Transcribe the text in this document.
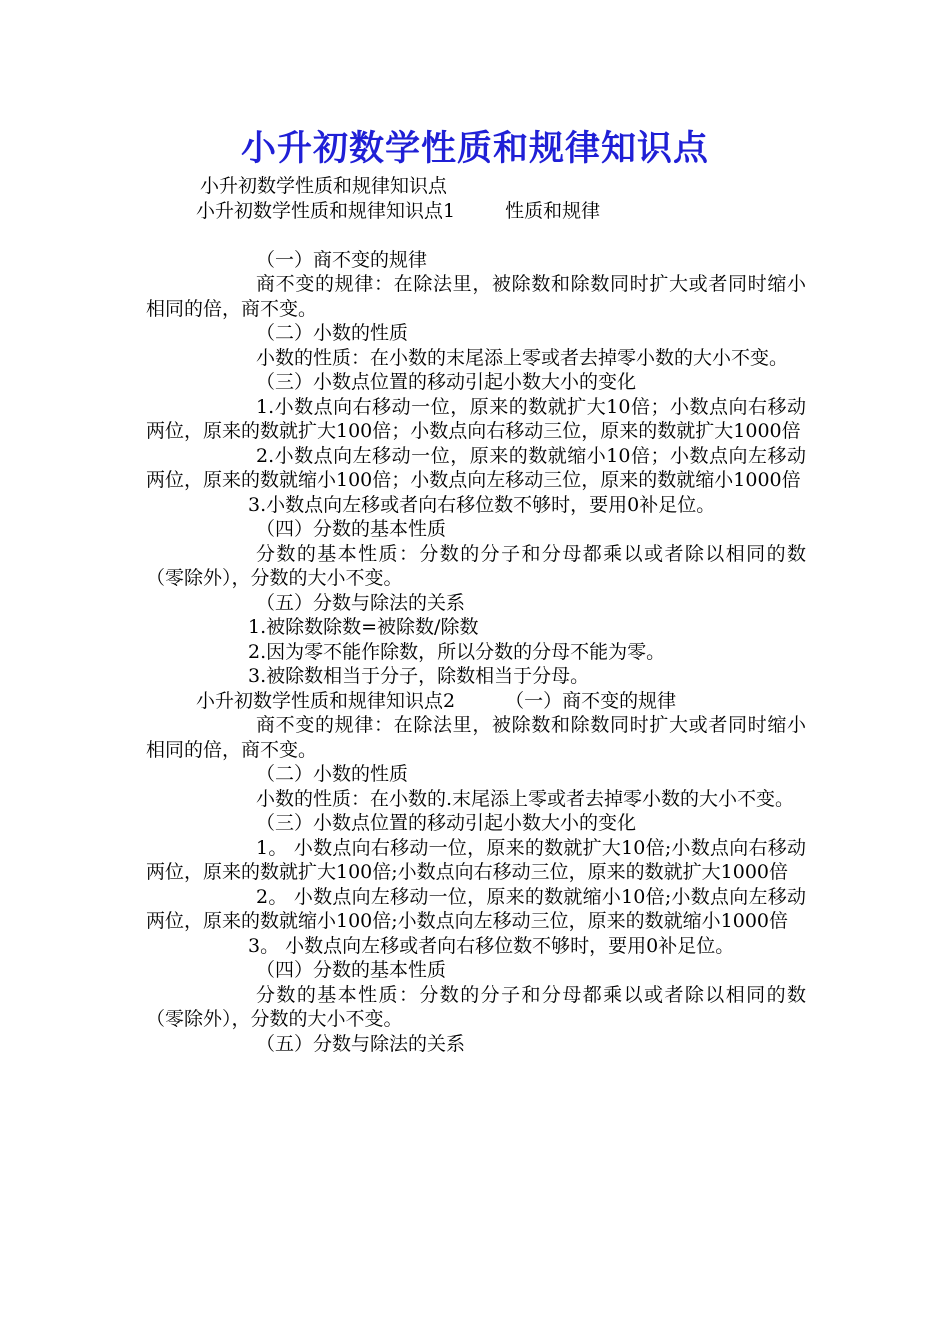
小升初数学性质和规律知识点

小升初数学性质和规律知识点

小升初数学性质和规律知识点1	性质和规律

（一）商不变的规律

商不变的规律：在除法里，被除数和除数同时扩大或者同时缩小相同的倍，商不变。

（二）小数的性质

小数的性质：在小数的末尾添上零或者去掉零小数的大小不变。

（三）小数点位置的移动引起小数大小的变化

1.小数点向右移动一位，原来的数就扩大10倍；小数点向右移动两位，原来的数就扩大100倍；小数点向右移动三位，原来的数就扩大1000倍

2.小数点向左移动一位，原来的数就缩小10倍；小数点向左移动两位，原来的数就缩小100倍；小数点向左移动三位，原来的数就缩小1000倍

3.小数点向左移或者向右移位数不够时，要用0补足位。

（四）分数的基本性质

分数的基本性质：分数的分子和分母都乘以或者除以相同的数（零除外），分数的大小不变。

（五）分数与除法的关系

1.被除数除数=被除数/除数

2.因为零不能作除数，所以分数的分母不能为零。

3.被除数相当于分子，除数相当于分母。

小升初数学性质和规律知识点2	（一）商不变的规律

商不变的规律：在除法里，被除数和除数同时扩大或者同时缩小相同的倍，商不变。

（二）小数的性质

小数的性质：在小数的.末尾添上零或者去掉零小数的大小不变。

（三）小数点位置的移动引起小数大小的变化

1。 小数点向右移动一位，原来的数就扩大10倍;小数点向右移动两位，原来的数就扩大100倍;小数点向右移动三位，原来的数就扩大1000倍

2。 小数点向左移动一位，原来的数就缩小10倍;小数点向左移动两位，原来的数就缩小100倍;小数点向左移动三位，原来的数就缩小1000倍

3。 小数点向左移或者向右移位数不够时，要用0补足位。

（四）分数的基本性质

分数的基本性质：分数的分子和分母都乘以或者除以相同的数（零除外），分数的大小不变。

（五）分数与除法的关系
